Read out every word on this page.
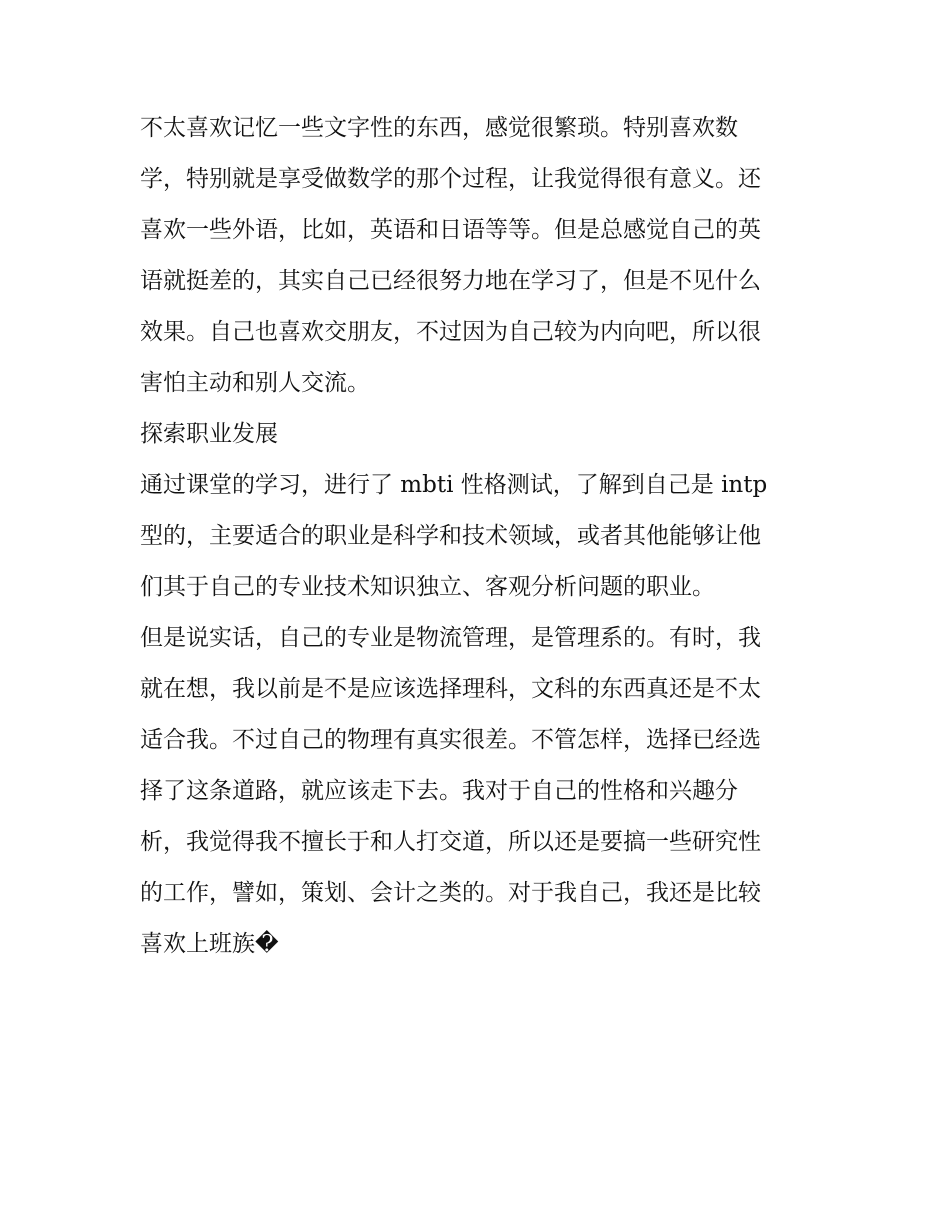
不太喜欢记忆一些文字性的东西，感觉很繁琐。特别喜欢数
学，特别就是享受做数学的那个过程，让我觉得很有意义。还
喜欢一些外语，比如，英语和日语等等。但是总感觉自己的英
语就挺差的，其实自己已经很努力地在学习了，但是不见什么
效果。自己也喜欢交朋友，不过因为自己较为内向吧，所以很
害怕主动和别人交流。
探索职业发展
通过课堂的学习，进行了 mbti 性格测试，了解到自己是 intp
型的，主要适合的职业是科学和技术领域，或者其他能够让他
们其于自己的专业技术知识独立、客观分析问题的职业。
但是说实话，自己的专业是物流管理，是管理系的。有时，我
就在想，我以前是不是应该选择理科，文科的东西真还是不太
适合我。不过自己的物理有真实很差。不管怎样，选择已经选
择了这条道路，就应该走下去。我对于自己的性格和兴趣分
析，我觉得我不擅长于和人打交道，所以还是要搞一些研究性
的工作，譬如，策划、会计之类的。对于我自己，我还是比较
喜欢上班族�
